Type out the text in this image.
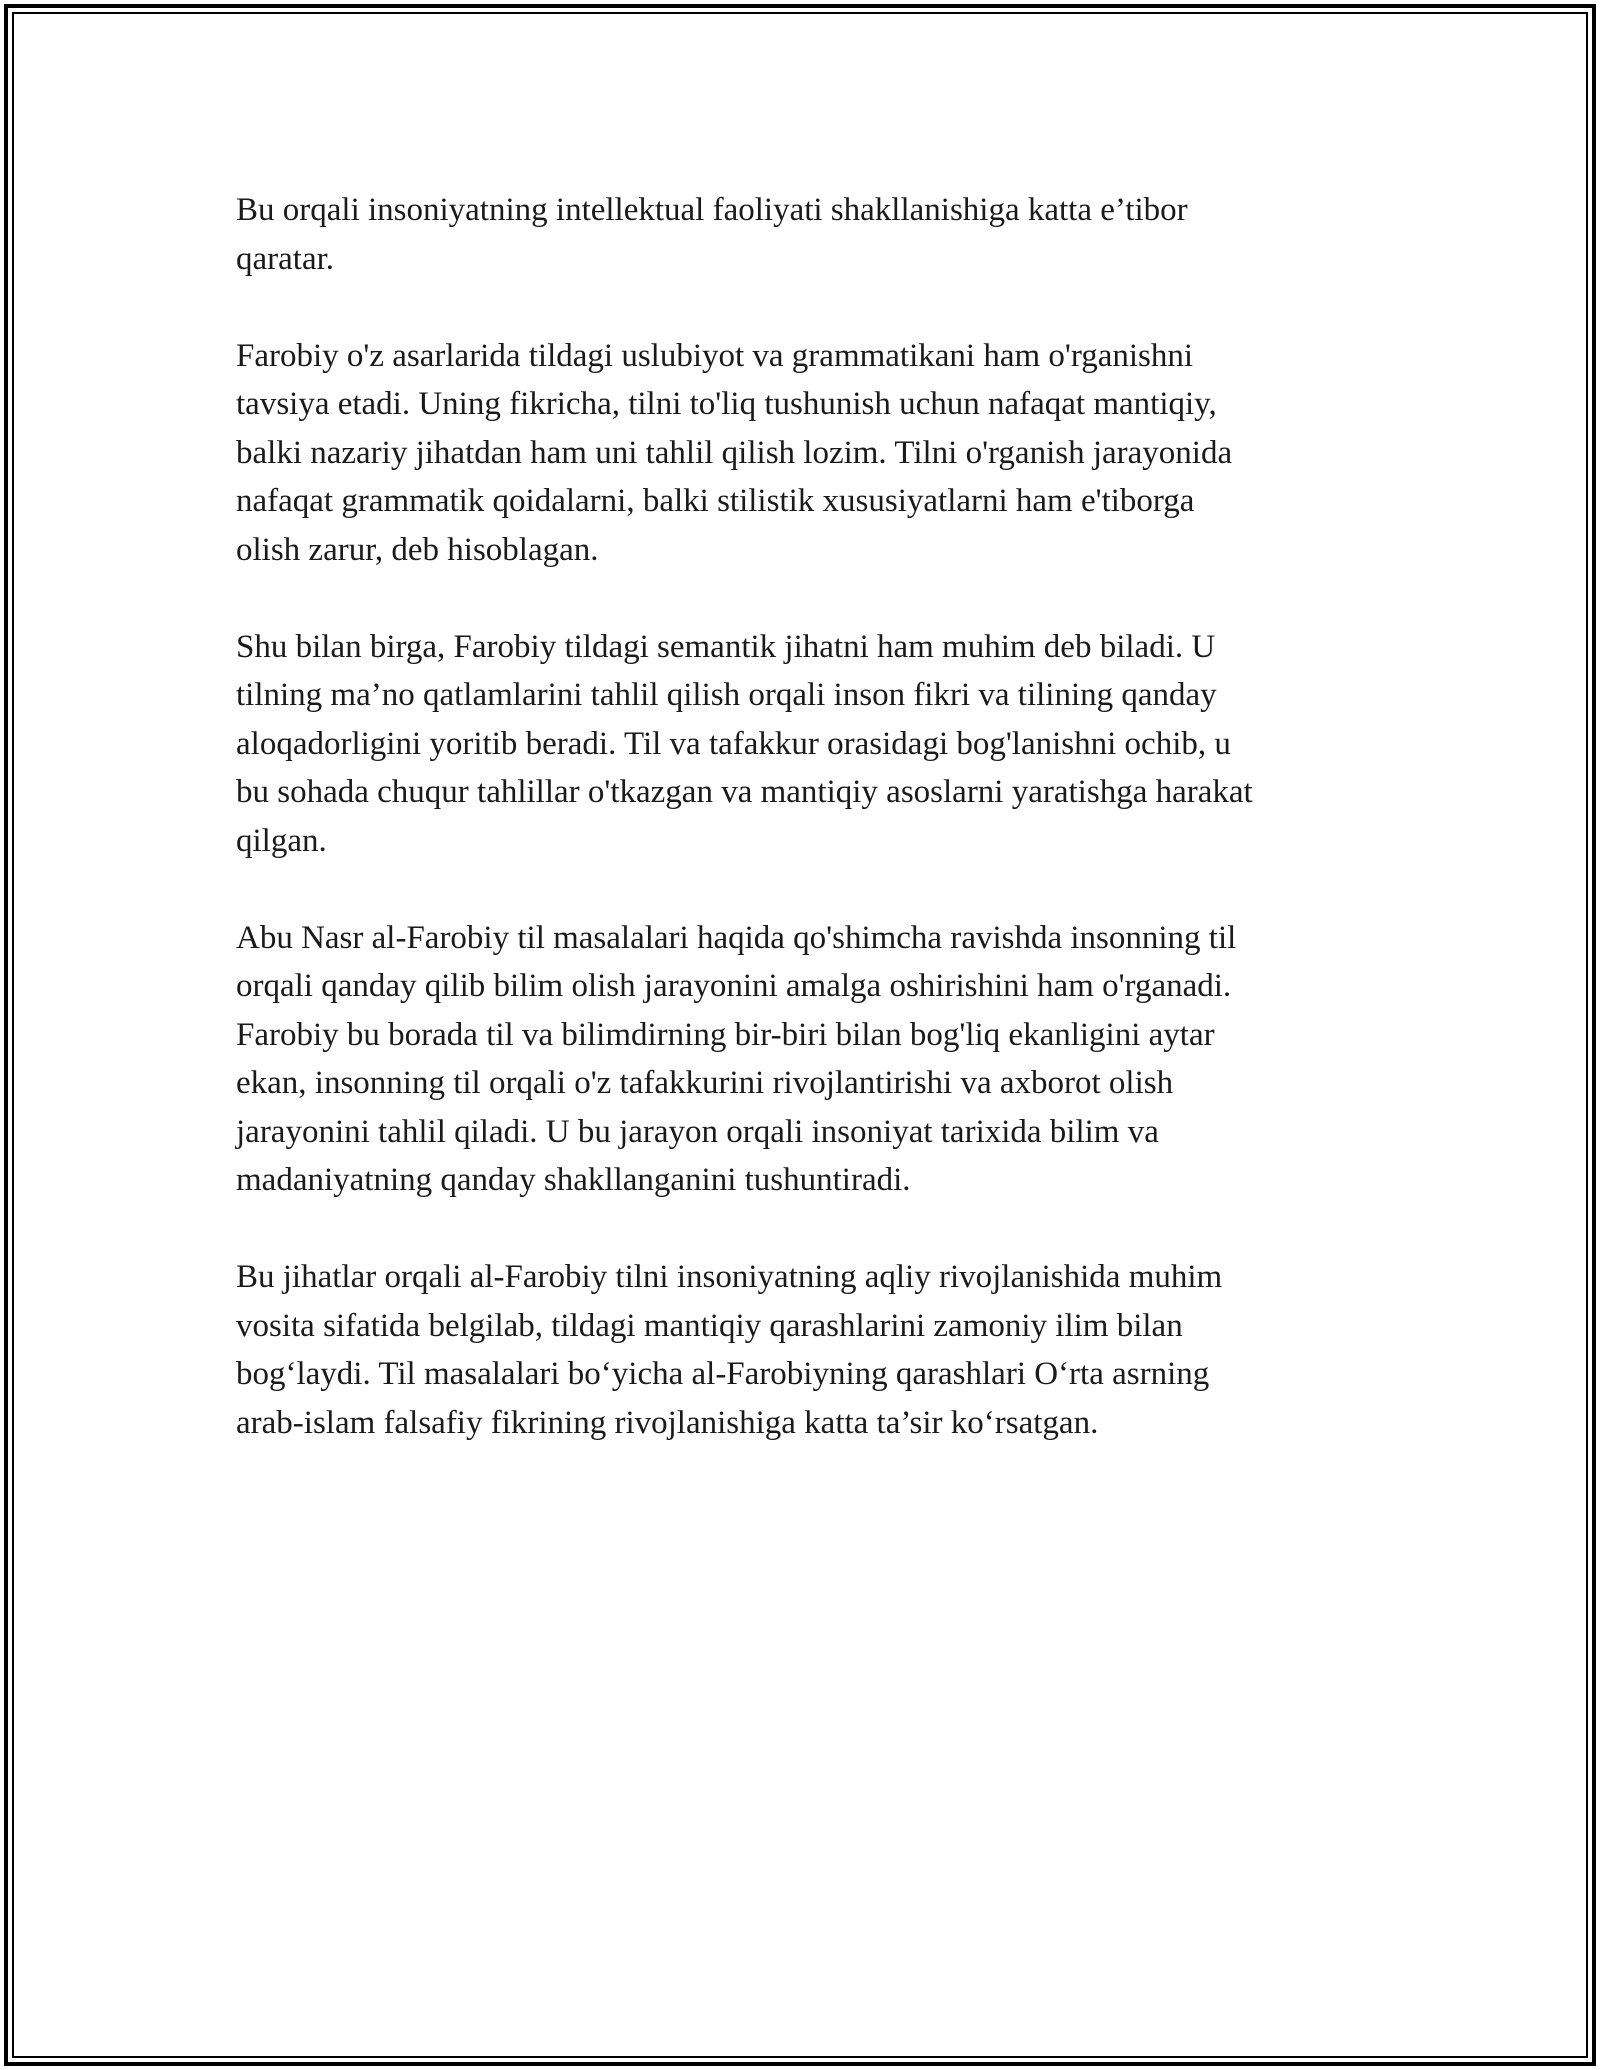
Bu orqali insoniyatning intellektual faoliyati shakllanishiga katta e’tibor
qaratar.

Farobiy o'z asarlarida tildagi uslubiyot va grammatikani ham o'rganishni
tavsiya etadi. Uning fikricha, tilni to'liq tushunish uchun nafaqat mantiqiy,
balki nazariy jihatdan ham uni tahlil qilish lozim. Tilni o'rganish jarayonida
nafaqat grammatik qoidalarni, balki stilistik xususiyatlarni ham e'tiborga
olish zarur, deb hisoblagan.

Shu bilan birga, Farobiy tildagi semantik jihatni ham muhim deb biladi. U
tilning ma’no qatlamlarini tahlil qilish orqali inson fikri va tilining qanday
aloqadorligini yoritib beradi. Til va tafakkur orasidagi bog'lanishni ochib, u
bu sohada chuqur tahlillar o'tkazgan va mantiqiy asoslarni yaratishga harakat
qilgan.

Abu Nasr al-Farobiy til masalalari haqida qo'shimcha ravishda insonning til
orqali qanday qilib bilim olish jarayonini amalga oshirishini ham o'rganadi.
Farobiy bu borada til va bilimdirning bir-biri bilan bog'liq ekanligini aytar
ekan, insonning til orqali o'z tafakkurini rivojlantirishi va axborot olish
jarayonini tahlil qiladi. U bu jarayon orqali insoniyat tarixida bilim va
madaniyatning qanday shakllanganini tushuntiradi.

Bu jihatlar orqali al-Farobiy tilni insoniyatning aqliy rivojlanishida muhim
vosita sifatida belgilab, tildagi mantiqiy qarashlarini zamoniy ilim bilan
bog‘laydi. Til masalalari bo‘yicha al-Farobiyning qarashlari O‘rta asrning
arab-islam falsafiy fikrining rivojlanishiga katta ta’sir ko‘rsatgan.
